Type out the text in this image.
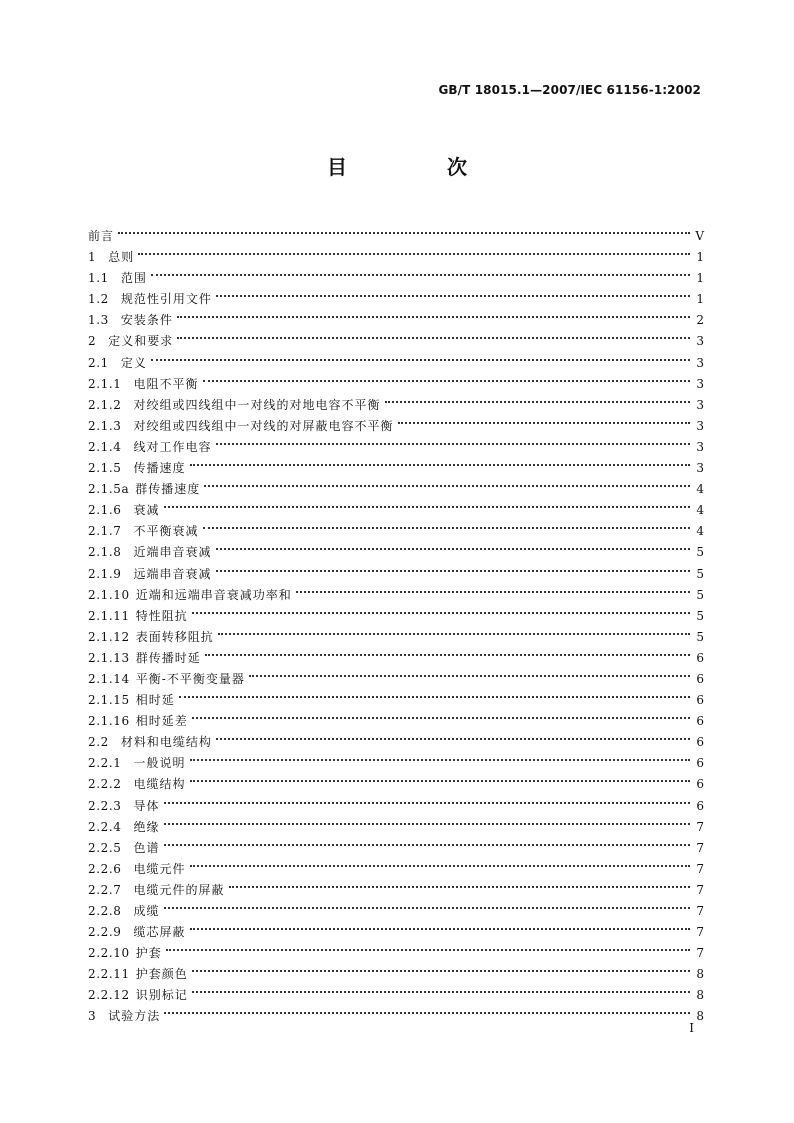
GB/T 18015.1—2007/IEC 61156-1:2002
目　次
前言	V
1 总则	1
1.1 范围	1
1.2 规范性引用文件	1
1.3 安装条件	2
2 定义和要求	3
2.1 定义	3
2.1.1 电阻不平衡	3
2.1.2 对绞组或四线组中一对线的对地电容不平衡	3
2.1.3 对绞组或四线组中一对线的对屏蔽电容不平衡	3
2.1.4 线对工作电容	3
2.1.5 传播速度	3
2.1.5a 群传播速度	4
2.1.6 衰减	4
2.1.7 不平衡衰减	4
2.1.8 近端串音衰减	5
2.1.9 远端串音衰减	5
2.1.10 近端和远端串音衰减功率和	5
2.1.11 特性阻抗	5
2.1.12 表面转移阻抗	5
2.1.13 群传播时延	6
2.1.14 平衡-不平衡变量器	6
2.1.15 相时延	6
2.1.16 相时延差	6
2.2 材料和电缆结构	6
2.2.1 一般说明	6
2.2.2 电缆结构	6
2.2.3 导体	6
2.2.4 绝缘	7
2.2.5 色谱	7
2.2.6 电缆元件	7
2.2.7 电缆元件的屏蔽	7
2.2.8 成缆	7
2.2.9 缆芯屏蔽	7
2.2.10 护套	7
2.2.11 护套颜色	8
2.2.12 识别标记	8
3 试验方法	8
I
